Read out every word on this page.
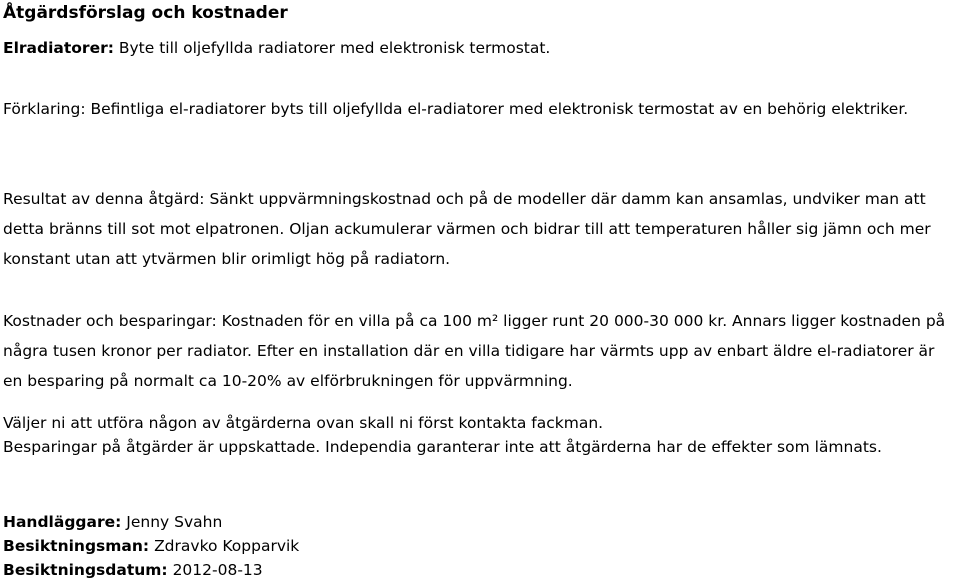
Åtgärdsförslag och kostnader
Elradiatorer: Byte till oljefyllda radiatorer med elektronisk termostat.
Förklaring: Befintliga el-radiatorer byts till oljefyllda el-radiatorer med elektronisk termostat av en behörig elektriker.
Resultat av denna åtgärd: Sänkt uppvärmningskostnad och på de modeller där damm kan ansamlas, undviker man att detta bränns till sot mot elpatronen. Oljan ackumulerar värmen och bidrar till att temperaturen håller sig jämn och mer konstant utan att ytvärmen blir orimligt hög på radiatorn.
Kostnader och besparingar: Kostnaden för en villa på ca 100 m² ligger runt 20 000-30 000 kr. Annars ligger kostnaden på några tusen kronor per radiator. Efter en installation där en villa tidigare har värmts upp av enbart äldre el-radiatorer är en besparing på normalt ca 10-20% av elförbrukningen för uppvärmning.
Väljer ni att utföra någon av åtgärderna ovan skall ni först kontakta fackman.
Besparingar på åtgärder är uppskattade. Independia garanterar inte att åtgärderna har de effekter som lämnats.
Handläggare: Jenny Svahn
Besiktningsman: Zdravko Kopparvik
Besiktningsdatum: 2012-08-13
